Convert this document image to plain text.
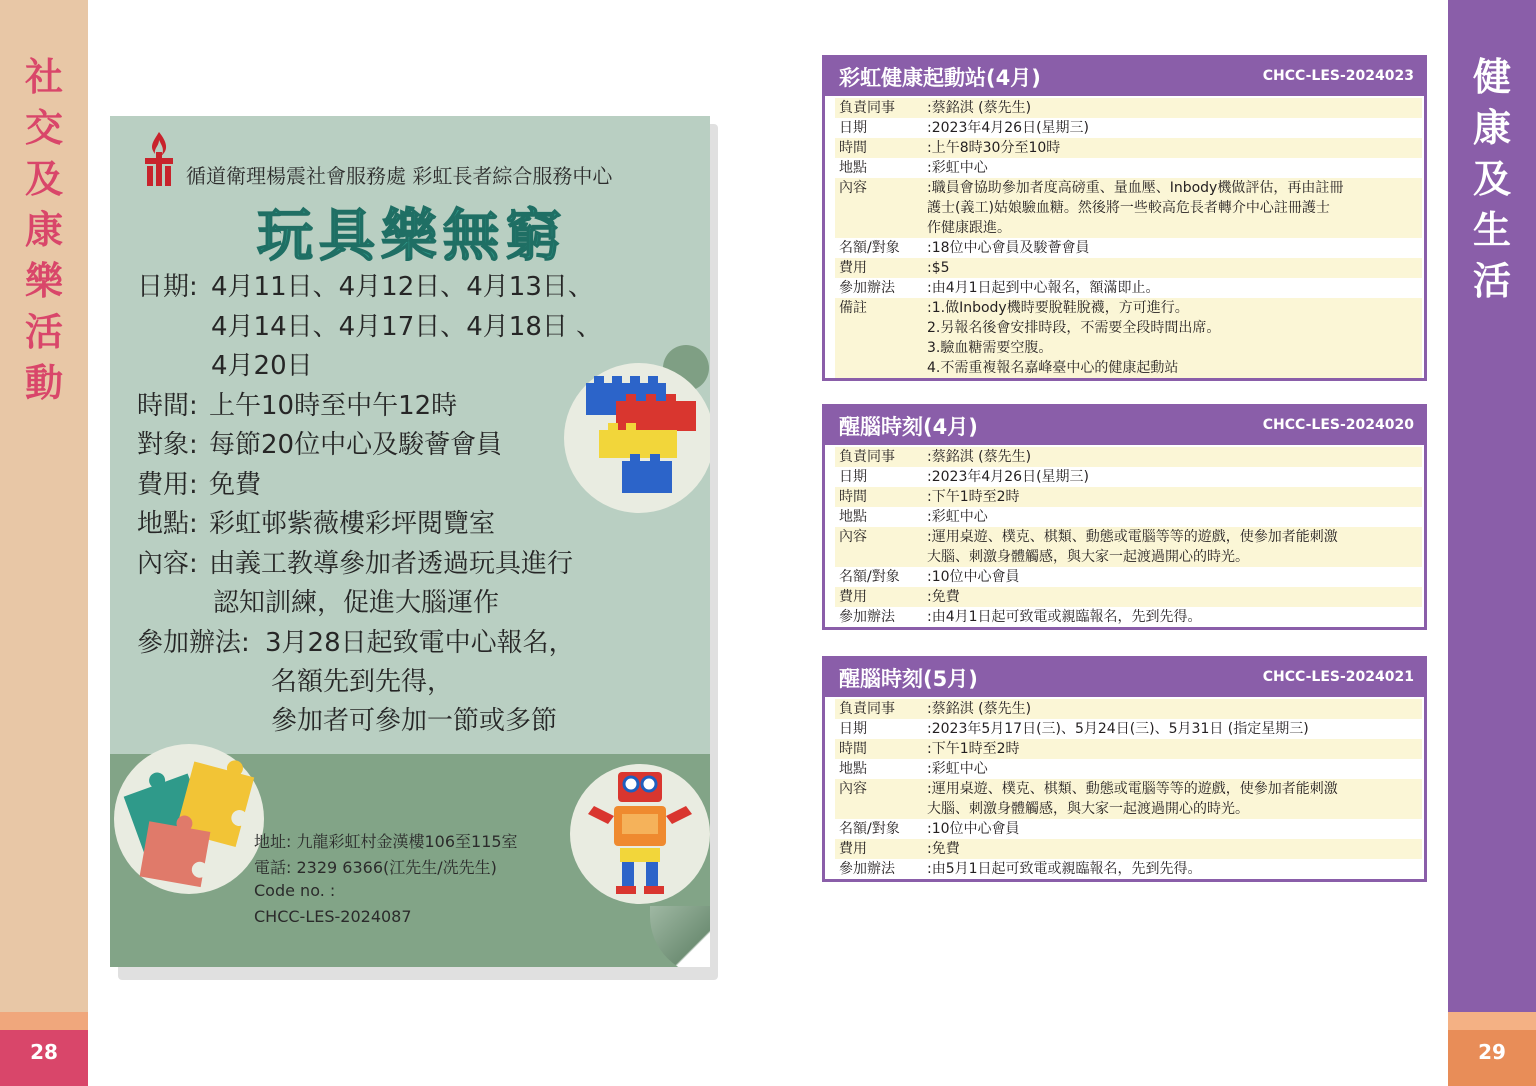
社
交
及
康
樂
活
動
28
健
康
及
生
活
29
循道衛理楊震社會服務處 彩虹長者綜合服務中心
玩具樂無窮
日期: 4月11日、4月12日、4月13日、
4月14日、4月17日、4月18日 、
4月20日
時間: 上午10時至中午12時
對象: 每節20位中心及駿薈會員
費用: 免費
地點: 彩虹邨紫薇樓彩坪閱覽室
內容: 由義工教導參加者透過玩具進行
認知訓練，促進大腦運作
參加辦法: 3月28日起致電中心報名，
名額先到先得，
參加者可參加一節或多節
地址: 九龍彩虹村金漢樓106至115室
電話: 2329 6366(江先生/冼先生)
Code no. :
CHCC-LES-2024087
彩虹健康起動站(4月)	CHCC-LES-2024023
負責同事	:蔡銘淇 (蔡先生)
日期	:2023年4月26日(星期三)
時間	:上午8時30分至10時
地點	:彩虹中心
內容	:職員會協助參加者度高磅重、量血壓、Inbody機做評估，再由註冊
護士(義工)姑娘驗血糖。然後將一些較高危長者轉介中心註冊護士
作健康跟進。
名額/對象	:18位中心會員及駿薈會員
費用	:$5
參加辦法	:由4月1日起到中心報名，額滿即止。
備註	:1.做Inbody機時要脫鞋脫襪，方可進行。
2.另報名後會安排時段，不需要全段時間出席。
3.驗血糖需要空腹。
4.不需重複報名嘉峰臺中心的健康起動站
醒腦時刻(4月)	CHCC-LES-2024020
負責同事	:蔡銘淇 (蔡先生)
日期	:2023年4月26日(星期三)
時間	:下午1時至2時
地點	:彩虹中心
內容	:運用桌遊、樸克、棋類、動態或電腦等等的遊戲，使參加者能刺激
大腦、刺激身體觸感，與大家一起渡過開心的時光。
名額/對象	:10位中心會員
費用	:免費
參加辦法	:由4月1日起可致電或親臨報名，先到先得。
醒腦時刻(5月)	CHCC-LES-2024021
負責同事	:蔡銘淇 (蔡先生)
日期	:2023年5月17日(三)、5月24日(三)、5月31日 (指定星期三)
時間	:下午1時至2時
地點	:彩虹中心
內容	:運用桌遊、樸克、棋類、動態或電腦等等的遊戲，使參加者能刺激
大腦、刺激身體觸感，與大家一起渡過開心的時光。
名額/對象	:10位中心會員
費用	:免費
參加辦法	:由5月1日起可致電或親臨報名，先到先得。
